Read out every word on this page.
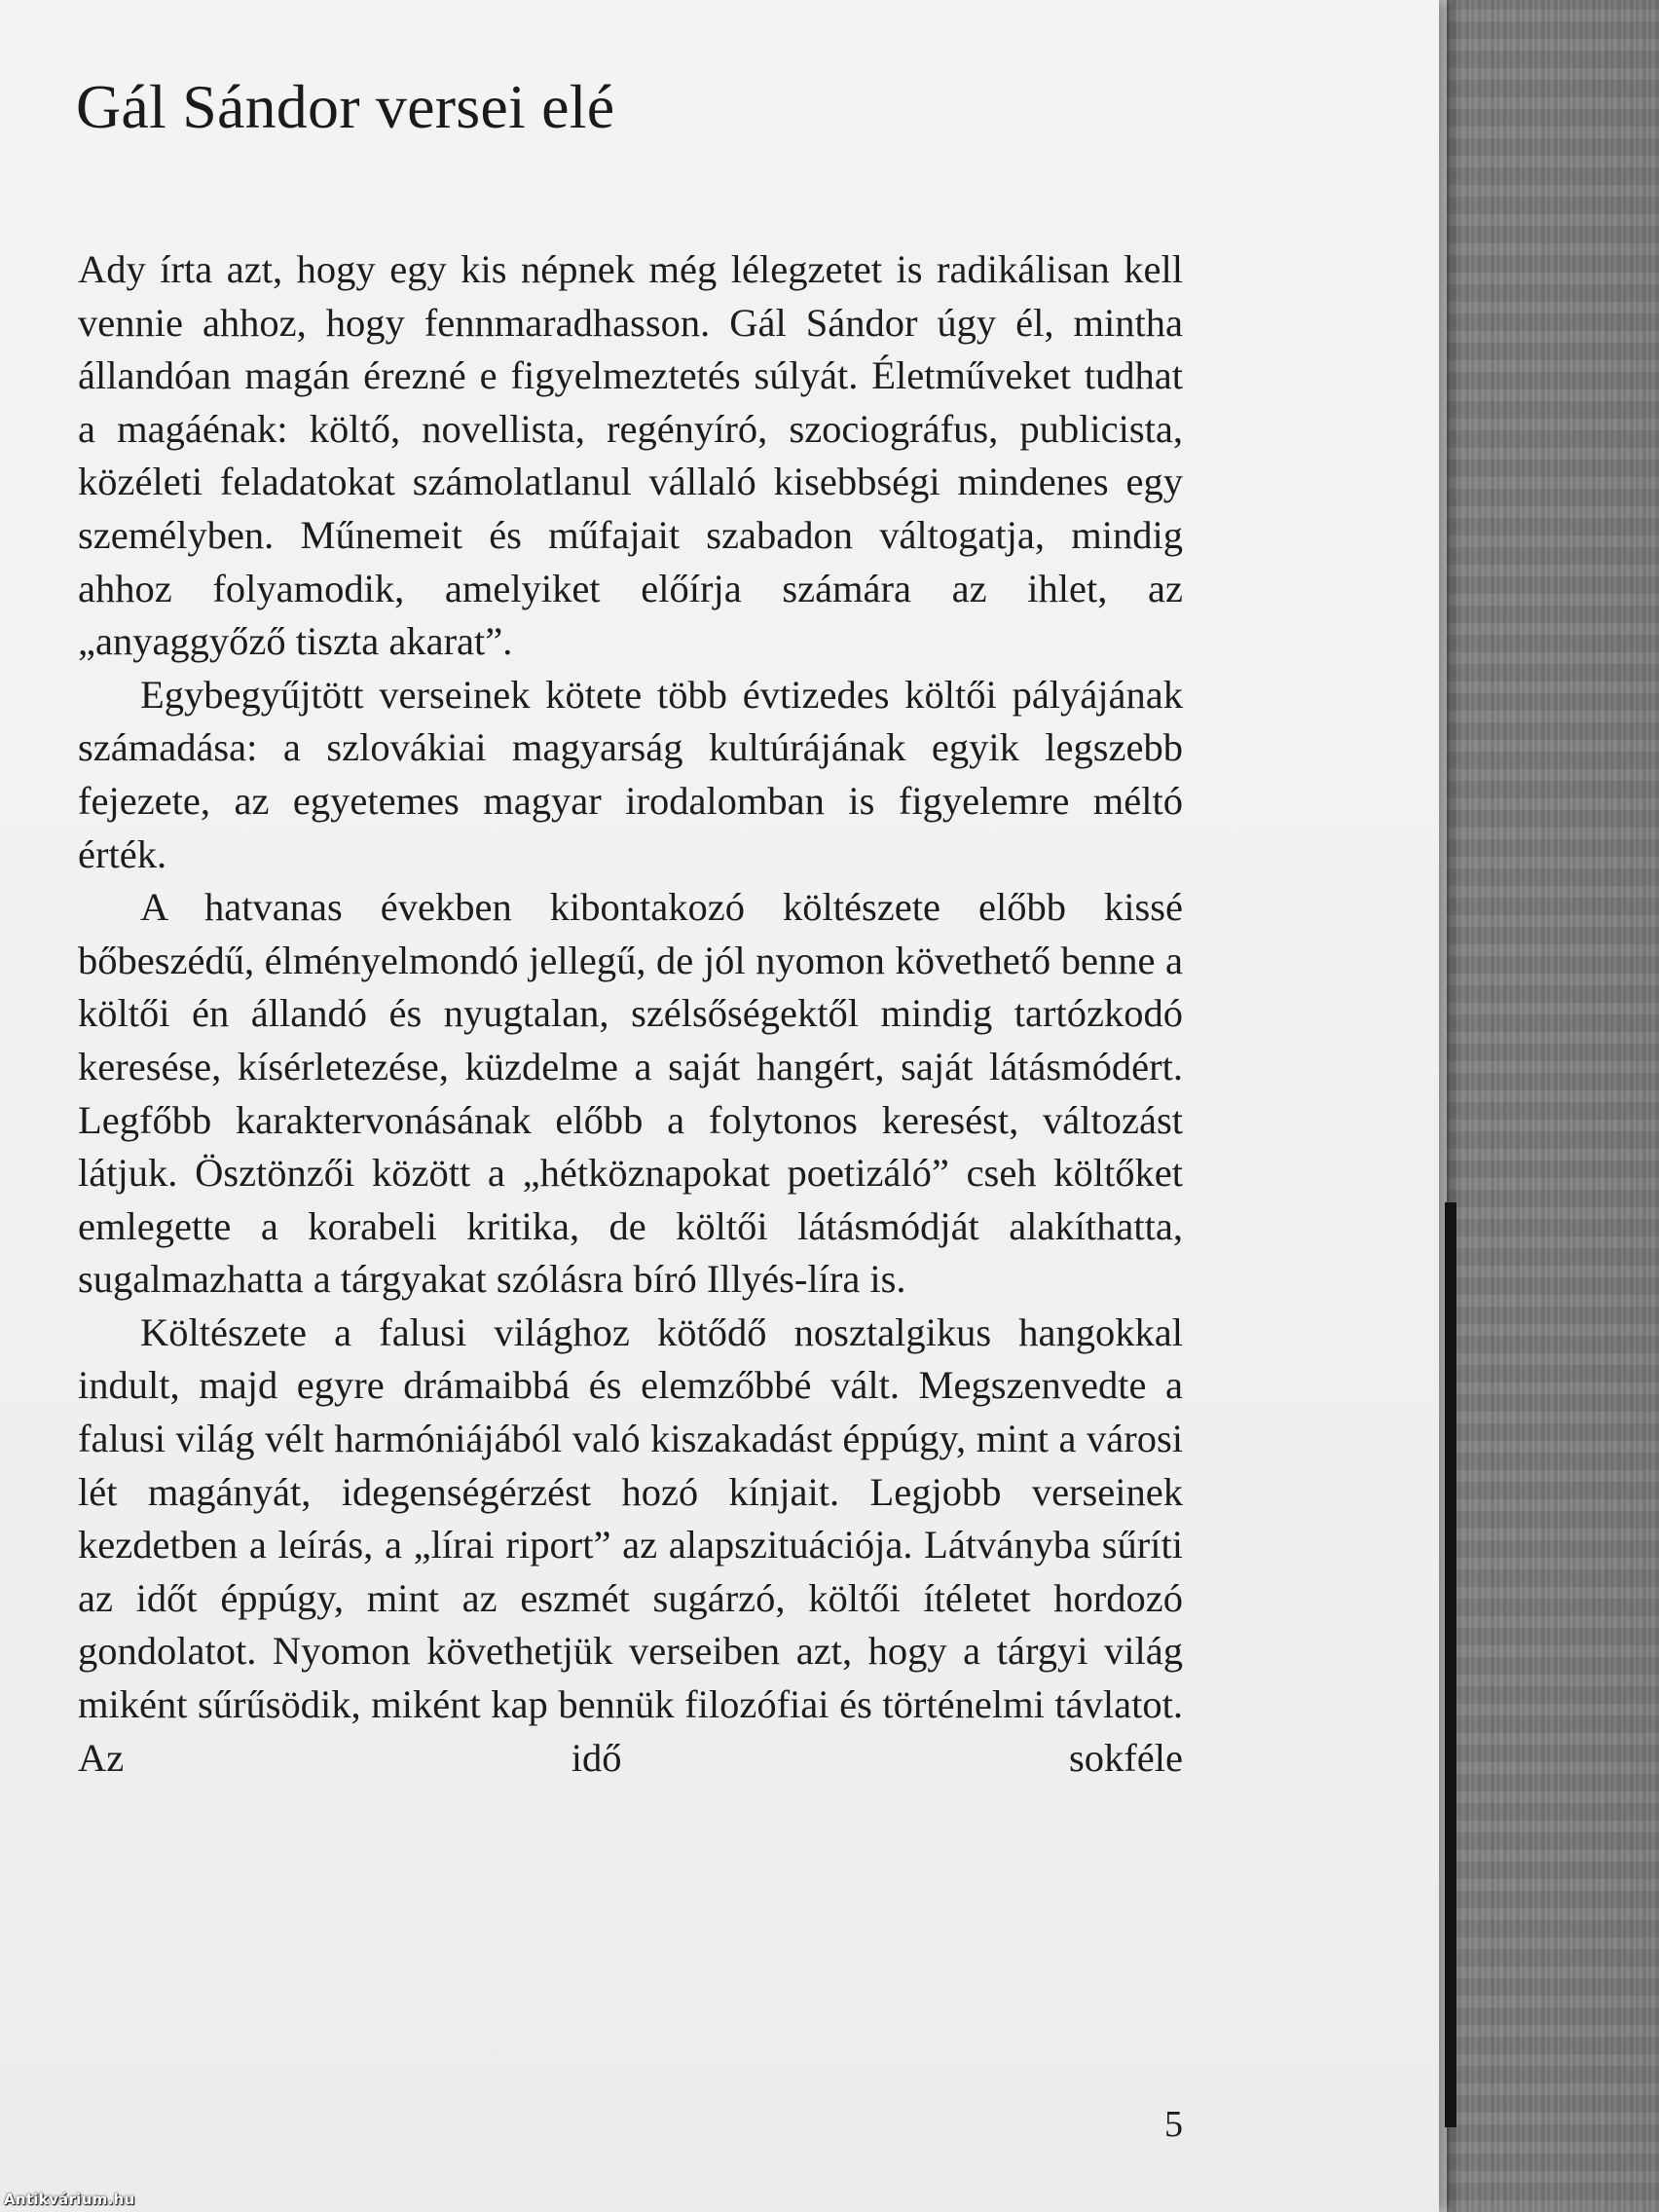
Gál Sándor versei elé

Ady írta azt, hogy egy kis népnek még lélegzetet is radikálisan kell vennie ahhoz, hogy fennmaradhasson. Gál Sándor úgy él, mintha állandóan magán érezné e figyelmeztetés súlyát. Életműveket tudhat a magáénak: költő, novellista, regényíró, szociográfus, publicista, közéleti feladatokat számolatlanul vállaló kisebbségi mindenes egy személyben. Műnemeit és műfajait szabadon váltogatja, mindig ahhoz folyamodik, amelyiket előírja számára az ihlet, az „anyaggyőző tiszta akarat”.

Egybegyűjtött verseinek kötete több évtizedes költői pályájának számadása: a szlovákiai magyarság kultúrájának egyik legszebb fejezete, az egyetemes magyar irodalomban is figyelemre méltó érték.

A hatvanas években kibontakozó költészete előbb kissé bőbeszédű, élményelmondó jellegű, de jól nyomon követhető benne a költői én állandó és nyugtalan, szélsőségektől mindig tartózkodó keresése, kísérletezése, küzdelme a saját hangért, saját látásmódért. Legfőbb karaktervonásának előbb a folytonos keresést, változást látjuk. Ösztönzői között a „hétköznapokat poetizáló” cseh költőket emlegette a korabeli kritika, de költői látásmódját alakíthatta, sugalmazhatta a tárgyakat szólásra bíró Illyés-líra is.

Költészete a falusi világhoz kötődő nosztalgikus hangokkal indult, majd egyre drámaibbá és elemzőbbé vált. Megszenvedte a falusi világ vélt harmóniájából való kiszakadást éppúgy, mint a városi lét magányát, idegenségérzést hozó kínjait. Legjobb verseinek kezdetben a leírás, a „lírai riport” az alapszituációja. Látványba sűríti az időt éppúgy, mint az eszmét sugárzó, költői ítéletet hordozó gondolatot. Nyomon követhetjük verseiben azt, hogy a tárgyi világ miként sűrűsödik, miként kap bennük filozófiai és történelmi távlatot. Az idő sokféle

5
Antikvárium.hu
